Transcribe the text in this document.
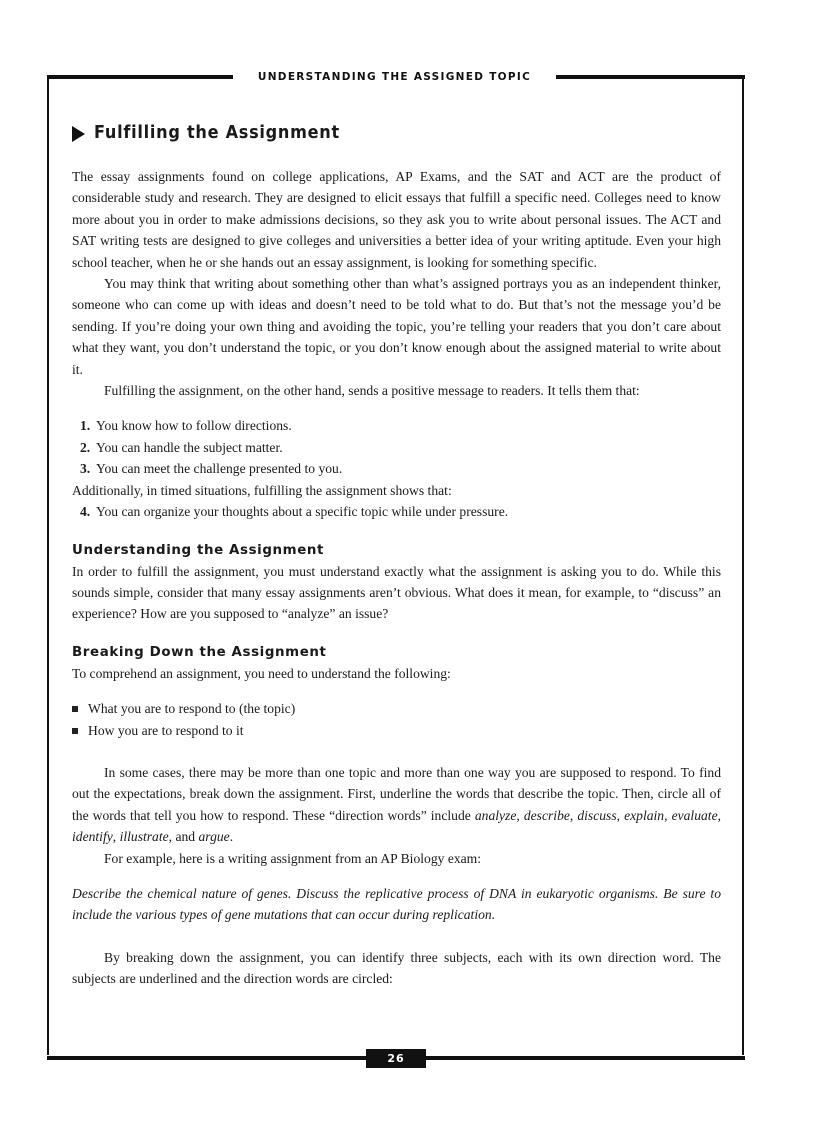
UNDERSTANDING THE ASSIGNED TOPIC
Fulfilling the Assignment

The essay assignments found on college applications, AP Exams, and the SAT and ACT are the product of considerable study and research. They are designed to elicit essays that fulfill a specific need. Colleges need to know more about you in order to make admissions decisions, so they ask you to write about personal issues. The ACT and SAT writing tests are designed to give colleges and universities a better idea of your writing aptitude. Even your high school teacher, when he or she hands out an essay assignment, is looking for something specific.

You may think that writing about something other than what’s assigned portrays you as an independent thinker, someone who can come up with ideas and doesn’t need to be told what to do. But that’s not the message you’d be sending. If you’re doing your own thing and avoiding the topic, you’re telling your readers that you don’t care about what they want, you don’t understand the topic, or you don’t know enough about the assigned material to write about it.

Fulfilling the assignment, on the other hand, sends a positive message to readers. It tells them that:

1. You know how to follow directions.
2. You can handle the subject matter.
3. You can meet the challenge presented to you.

Additionally, in timed situations, fulfilling the assignment shows that:

4. You can organize your thoughts about a specific topic while under pressure.
Understanding the Assignment

In order to fulfill the assignment, you must understand exactly what the assignment is asking you to do. While this sounds simple, consider that many essay assignments aren’t obvious. What does it mean, for example, to “discuss” an experience? How are you supposed to “analyze” an issue?

Breaking Down the Assignment

To comprehend an assignment, you need to understand the following:

What you are to respond to (the topic)
How you are to respond to it

In some cases, there may be more than one topic and more than one way you are supposed to respond. To find out the expectations, break down the assignment. First, underline the words that describe the topic. Then, circle all of the words that tell you how to respond. These “direction words” include analyze, describe, discuss, explain, evaluate, identify, illustrate, and argue.

For example, here is a writing assignment from an AP Biology exam:

Describe the chemical nature of genes. Discuss the replicative process of DNA in eukaryotic organisms. Be sure to include the various types of gene mutations that can occur during replication.

By breaking down the assignment, you can identify three subjects, each with its own direction word. The subjects are underlined and the direction words are circled:

26
